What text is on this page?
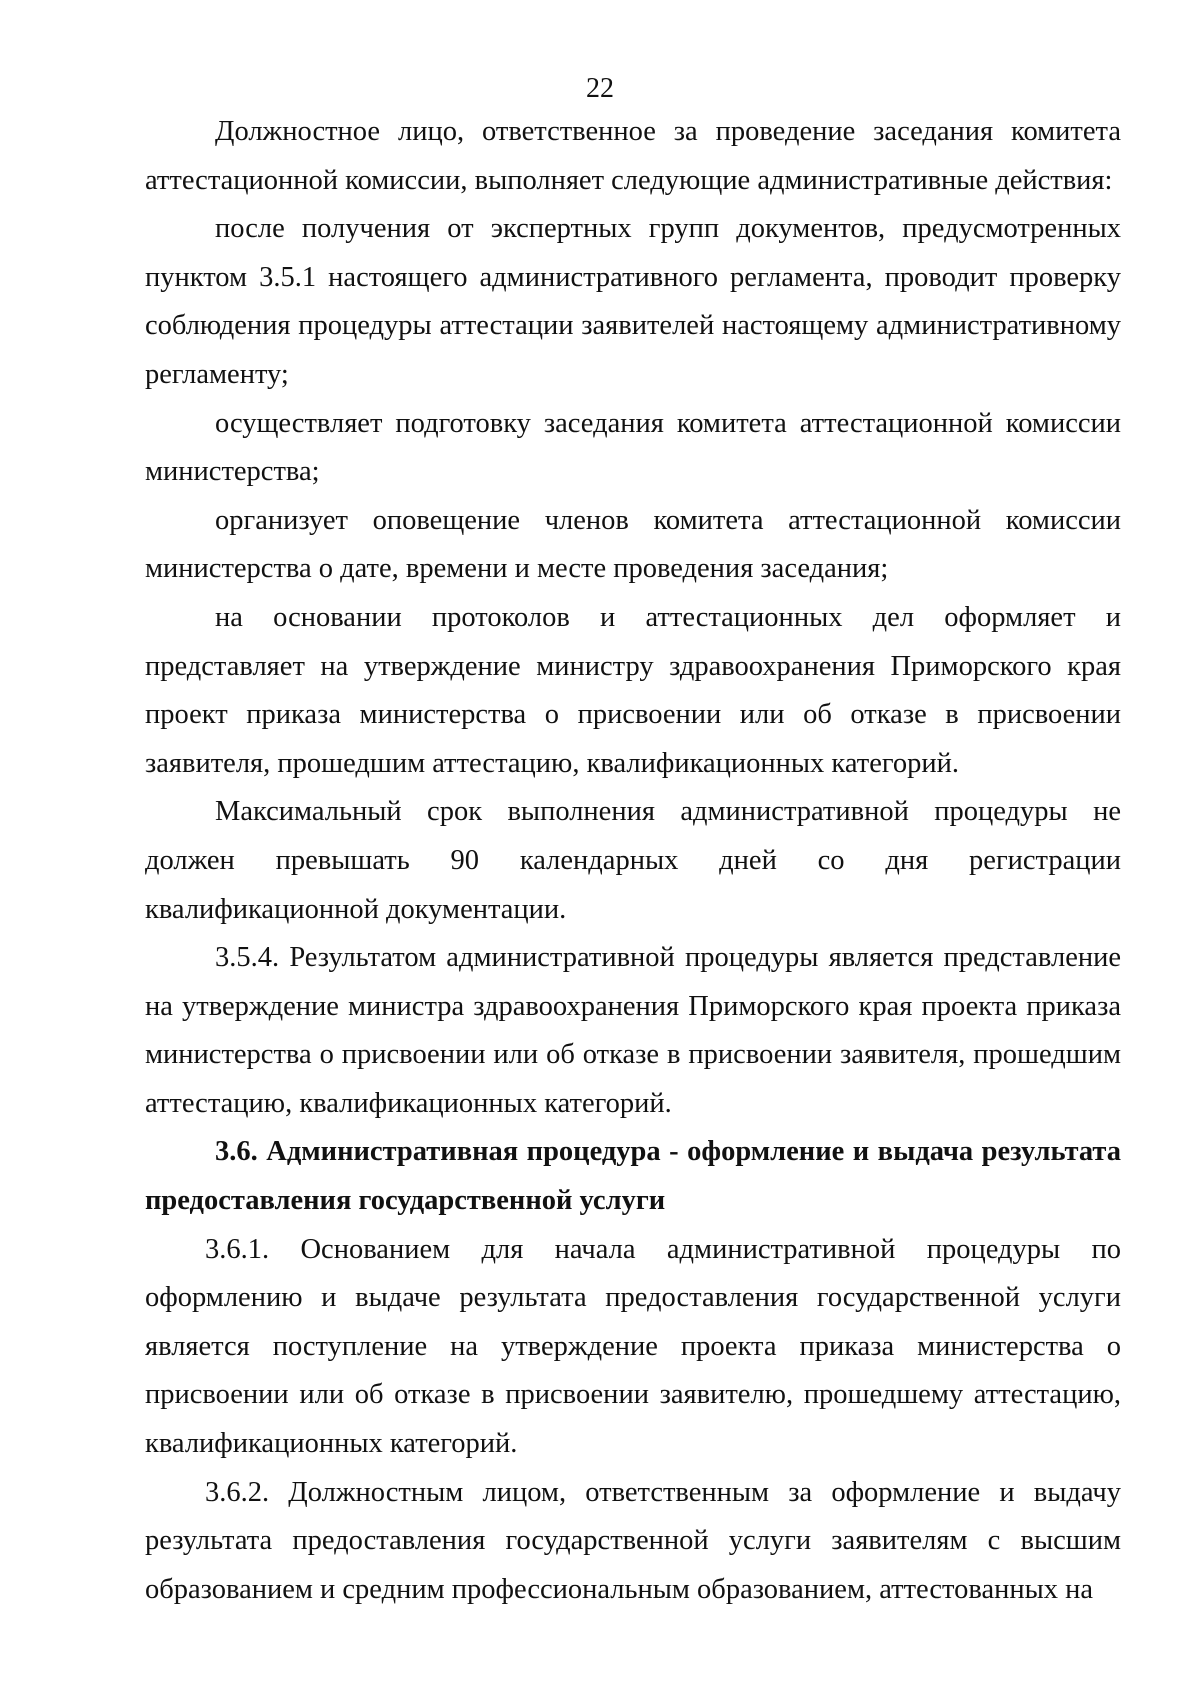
22

Должностное лицо, ответственное за проведение заседания комитета аттестационной комиссии, выполняет следующие административные действия:

после получения от экспертных групп документов, предусмотренных пунктом 3.5.1 настоящего административного регламента, проводит проверку соблюдения процедуры аттестации заявителей настоящему административному регламенту;

осуществляет подготовку заседания комитета аттестационной комиссии министерства;

организует оповещение членов комитета аттестационной комиссии министерства о дате, времени и месте проведения заседания;

на основании протоколов и аттестационных дел оформляет и представляет на утверждение министру здравоохранения Приморского края проект приказа министерства о присвоении или об отказе в присвоении заявителя, прошедшим аттестацию, квалификационных категорий.

Максимальный срок выполнения административной процедуры не должен превышать 90 календарных дней со дня регистрации квалификационной документации.

3.5.4. Результатом административной процедуры является представление на утверждение министра здравоохранения Приморского края проекта приказа министерства о присвоении или об отказе в присвоении заявителя, прошедшим аттестацию, квалификационных категорий.

3.6. Административная процедура - оформление и выдача результата предоставления государственной услуги

3.6.1. Основанием для начала административной процедуры по оформлению и выдаче результата предоставления государственной услуги является поступление на утверждение проекта приказа министерства о присвоении или об отказе в присвоении заявителю, прошедшему аттестацию, квалификационных категорий.

3.6.2. Должностным лицом, ответственным за оформление и выдачу результата предоставления государственной услуги заявителям с высшим образованием и средним профессиональным образованием, аттестованных на
